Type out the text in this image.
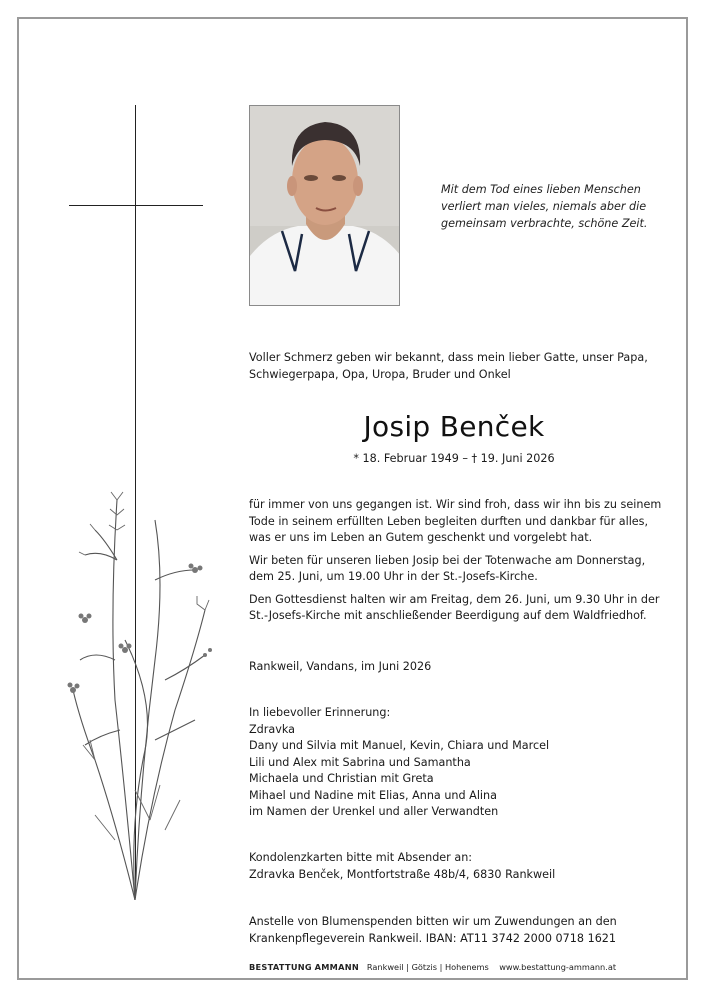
Mit dem Tod eines lieben Menschen
verliert man vieles, niemals aber die
gemeinsam verbrachte, schöne Zeit.

Voller Schmerz geben wir bekannt, dass mein lieber Gatte, unser Papa,

Schwiegerpapa, Opa, Uropa, Bruder und Onkel

Josip Benček
* 18. Februar 1949 – † 19. Juni 2026

für immer von uns gegangen ist. Wir sind froh, dass wir ihn bis zu seinem

Tode in seinem erfüllten Leben begleiten durften und dankbar für alles,

was er uns im Leben an Gutem geschenkt und vorgelebt hat.

Wir beten für unseren lieben Josip bei der Totenwache am Donnerstag,

dem 25. Juni, um 19.00 Uhr in der St.-Josefs-Kirche.

Den Gottesdienst halten wir am Freitag, dem 26. Juni, um 9.30 Uhr in der

St.-Josefs-Kirche mit anschließender Beerdigung auf dem Waldfriedhof.

Rankweil, Vandans, im Juni 2026

In liebevoller Erinnerung:

Zdravka

Dany und Silvia mit Manuel, Kevin, Chiara und Marcel

Lili und Alex mit Sabrina und Samantha

Michaela und Christian mit Greta

Mihael und Nadine mit Elias, Anna und Alina

im Namen der Urenkel und aller Verwandten

Kondolenzkarten bitte mit Absender an:

Zdravka Benček, Montfortstraße 48b/4, 6830 Rankweil

Anstelle von Blumenspenden bitten wir um Zuwendungen an den

Krankenpflegeverein Rankweil. IBAN: AT11 3742 2000 0718 1621

BESTATTUNG AMMANN Rankweil | Götzis | Hohenems www.bestattung-ammann.at
